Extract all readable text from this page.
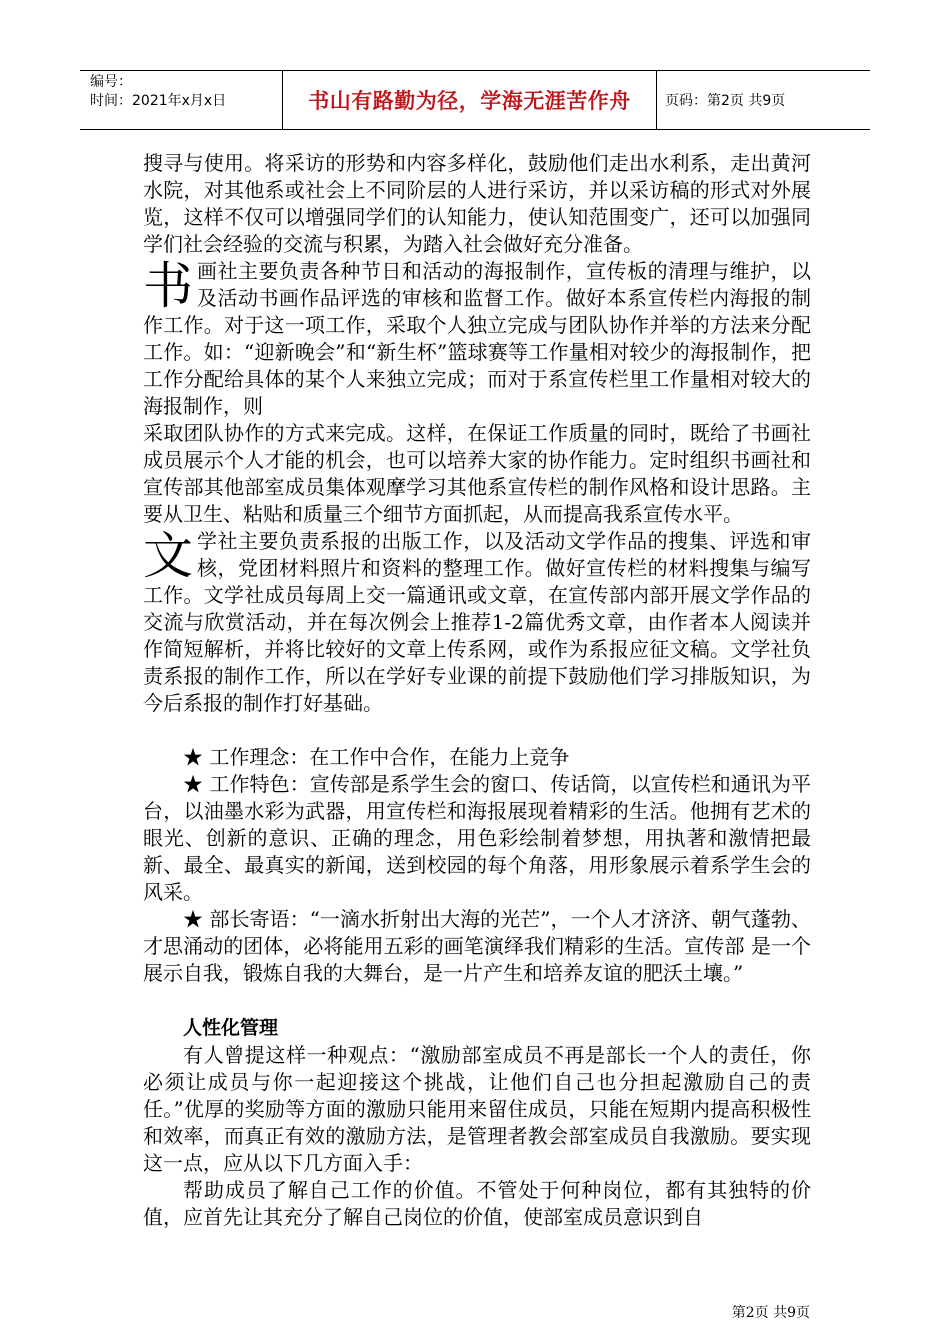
编号：
时间：2021年x月x日	书山有路勤为径，学海无涯苦作舟	页码：第2页 共9页

搜寻与使用。将采访的形势和内容多样化，鼓励他们走出水利系，走出黄河水院，对其他系或社会上不同阶层的人进行采访，并以采访稿的形式对外展览，这样不仅可以增强同学们的认知能力，使认知范围变广，还可以加强同学们社会经验的交流与积累，为踏入社会做好充分准备。

书画社主要负责各种节日和活动的海报制作，宣传板的清理与维护，以及活动书画作品评选的审核和监督工作。做好本系宣传栏内海报的制作工作。对于这一项工作，采取个人独立完成与团队协作并举的方法来分配工作。如：“迎新晚会”和“新生杯”篮球赛等工作量相对较少的海报制作，把工作分配给具体的某个人来独立完成；而对于系宣传栏里工作量相对较大的海报制作，则

采取团队协作的方式来完成。这样，在保证工作质量的同时，既给了书画社成员展示个人才能的机会，也可以培养大家的协作能力。定时组织书画社和宣传部其他部室成员集体观摩学习其他系宣传栏的制作风格和设计思路。主要从卫生、粘贴和质量三个细节方面抓起，从而提高我系宣传水平。

文学社主要负责系报的出版工作，以及活动文学作品的搜集、评选和审核，党团材料照片和资料的整理工作。做好宣传栏的材料搜集与编写工作。文学社成员每周上交一篇通讯或文章，在宣传部内部开展文学作品的交流与欣赏活动，并在每次例会上推荐1-2篇优秀文章，由作者本人阅读并作简短解析，并将比较好的文章上传系网，或作为系报应征文稿。文学社负责系报的制作工作，所以在学好专业课的前提下鼓励他们学习排版知识，为今后系报的制作打好基础。

★ 工作理念：在工作中合作，在能力上竞争

★ 工作特色：宣传部是系学生会的窗口、传话筒，以宣传栏和通讯为平台，以油墨水彩为武器，用宣传栏和海报展现着精彩的生活。他拥有艺术的眼光、创新的意识、正确的理念，用色彩绘制着梦想，用执著和激情把最新、最全、最真实的新闻，送到校园的每个角落，用形象展示着系学生会的风采。

★ 部长寄语：“一滴水折射出大海的光芒”，一个人才济济、朝气蓬勃、才思涌动的团体，必将能用五彩的画笔演绎我们精彩的生活。宣传部 是一个展示自我，锻炼自我的大舞台，是一片产生和培养友谊的肥沃土壤。”

人性化管理

有人曾提这样一种观点：“激励部室成员不再是部长一个人的责任，你必须让成员与你一起迎接这个挑战，让他们自己也分担起激励自己的责任。”优厚的奖励等方面的激励只能用来留住成员，只能在短期内提高积极性和效率，而真正有效的激励方法，是管理者教会部室成员自我激励。要实现这一点，应从以下几方面入手：

帮助成员了解自己工作的价值。不管处于何种岗位，都有其独特的价值，应首先让其充分了解自己岗位的价值，使部室成员意识到自

第2页 共9页
